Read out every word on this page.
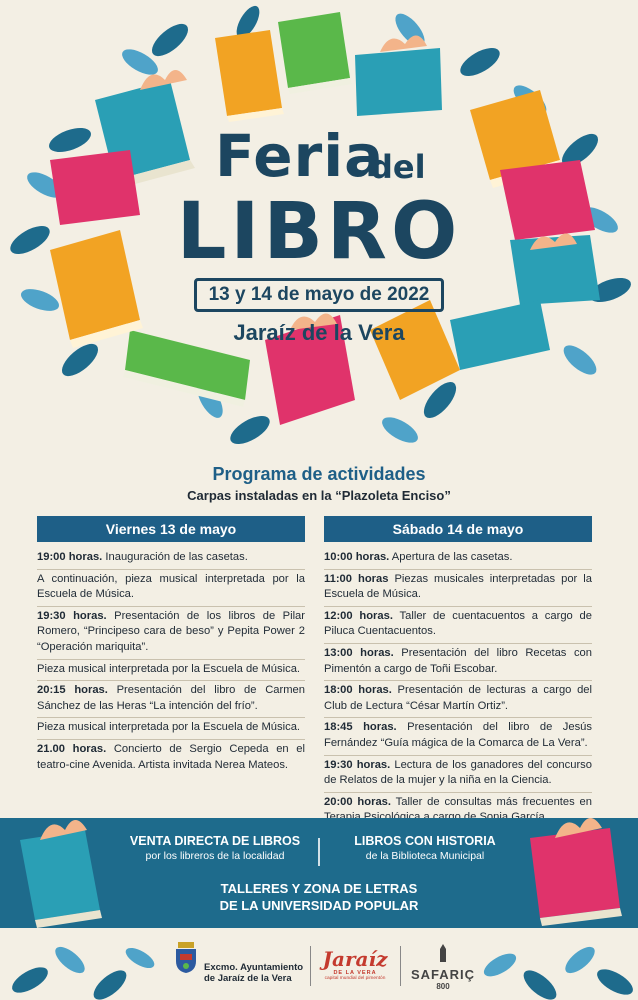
Feria
del
LIBRO
13 y 14 de mayo de 2022
Jaraíz de la Vera
Programa de actividades
Carpas instaladas en la “Plazoleta Enciso”
Viernes 13 de mayo
19:00 horas. Inauguración de las casetas.
A continuación, pieza musical interpretada por la Escuela de Música.
19:30 horas. Presentación de los libros de Pilar Romero, “Principeso cara de beso” y Pepita Power 2 “Operación mariquita”.
Pieza musical interpretada por la Escuela de Música.
20:15 horas. Presentación del libro de Carmen Sánchez de las Heras “La intención del frío”.
Pieza musical interpretada por la Escuela de Música.
21.00 horas. Concierto de Sergio Cepeda en el teatro-cine Avenida. Artista invitada Nerea Mateos.
Sábado 14 de mayo
10:00 horas. Apertura de las casetas.
11:00 horas Piezas musicales interpretadas por la Escuela de Música.
12:00 horas. Taller de cuentacuentos a cargo de Piluca Cuentacuentos.
13:00 horas. Presentación del libro Recetas con Pimentón a cargo de Toñi Escobar.
18:00 horas. Presentación de lecturas a cargo del Club de Lectura “César Martín Ortiz”.
18:45 horas. Presentación del libro de Jesús Fernández “Guía mágica de la Comarca de La Vera”.
19:30 horas. Lectura de los ganadores del concurso de Relatos de la mujer y la niña en la Ciencia.
20:00 horas. Taller de consultas más frecuentes en
VENTA DIRECTA DE LIBROS
por los libreros de la localidad
LIBROS CON HISTORIA
de la Biblioteca Municipal
TALLERES Y ZONA DE LETRAS
DE LA UNIVERSIDAD POPULAR
Excmo. Ayuntamiento
de Jaraíz de la Vera
Jaraíz
DE LA VERA
capital mundial del pimentón	SAFARIÇ
800
